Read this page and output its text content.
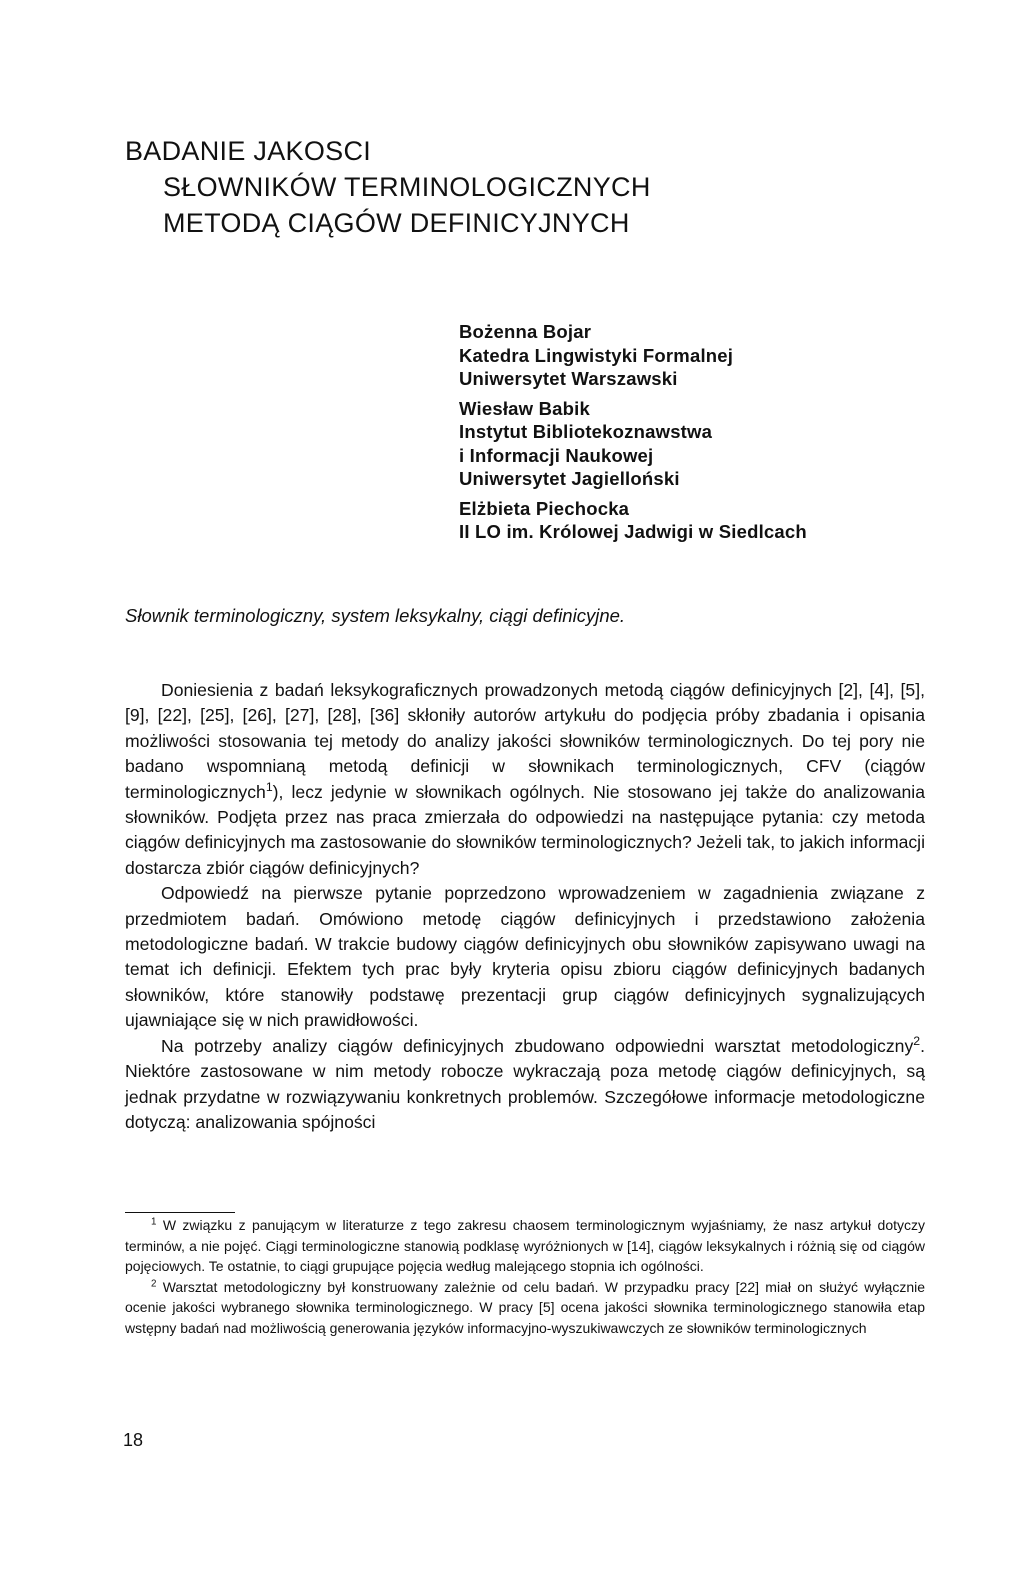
BADANIE JAKOSCI
SŁOWNIKÓW TERMINOLOGICZNYCH
METODĄ CIĄGÓW DEFINICYJNYCH
Bożenna Bojar
Katedra Lingwistyki Formalnej
Uniwersytet Warszawski
Wiesław Babik
Instytut Bibliotekoznawstwa
i Informacji Naukowej
Uniwersytet Jagielloński
Elżbieta Piechocka
II LO im. Królowej Jadwigi w Siedlcach
Słownik terminologiczny, system leksykalny, ciągi definicyjne.

Doniesienia z badań leksykograficznych prowadzonych metodą ciągów definicyjnych [2], [4], [5], [9], [22], [25], [26], [27], [28], [36] skłoniły autorów artykułu do podjęcia próby zbadania i opisania możliwości stosowania tej metody do analizy jakości słowników terminologicznych. Do tej pory nie badano wspomnianą metodą definicji w słownikach terminologicznych, CFV (ciągów terminologicznych$^1$), lecz jedynie w słownikach ogólnych. Nie stosowano jej także do analizowania słowników. Podjęta przez nas praca zmierzała do odpowiedzi na następujące pytania: czy metoda ciągów definicyjnych ma zastosowanie do słowników terminologicznych? Jeżeli tak, to jakich informacji dostarcza zbiór ciągów definicyjnych?

Odpowiedź na pierwsze pytanie poprzedzono wprowadzeniem w zagadnienia związane z przedmiotem badań. Omówiono metodę ciągów definicyjnych i przedstawiono założenia metodologiczne badań. W trakcie budowy ciągów definicyjnych obu słowników zapisywano uwagi na temat ich definicji. Efektem tych prac były kryteria opisu zbioru ciągów definicyjnych badanych słowników, które stanowiły podstawę prezentacji grup ciągów definicyjnych sygnalizujących ujawniające się w nich prawidłowości.

Na potrzeby analizy ciągów definicyjnych zbudowano odpowiedni warsztat metodologiczny$^2$. Niektóre zastosowane w nim metody robocze wykraczają poza metodę ciągów definicyjnych, są jednak przydatne w rozwiązywaniu konkretnych problemów. Szczegółowe informacje metodologiczne dotyczą: analizowania spójności

$^1$ W związku z panującym w literaturze z tego zakresu chaosem terminologicznym wyjaśniamy, że nasz artykuł dotyczy terminów, a nie pojęć. Ciągi terminologiczne stanowią podklasę wyróżnionych w [14], ciągów leksykalnych i różnią się od ciągów pojęciowych. Te ostatnie, to ciągi grupujące pojęcia według malejącego stopnia ich ogólności.

$^2$ Warsztat metodologiczny był konstruowany zależnie od celu badań. W przypadku pracy [22] miał on służyć wyłącznie ocenie jakości wybranego słownika terminologicznego. W pracy [5] ocena jakości słownika terminologicznego stanowiła etap wstępny badań nad możliwością generowania języków informacyjno-wyszukiwawczych ze słowników terminologicznych

18
